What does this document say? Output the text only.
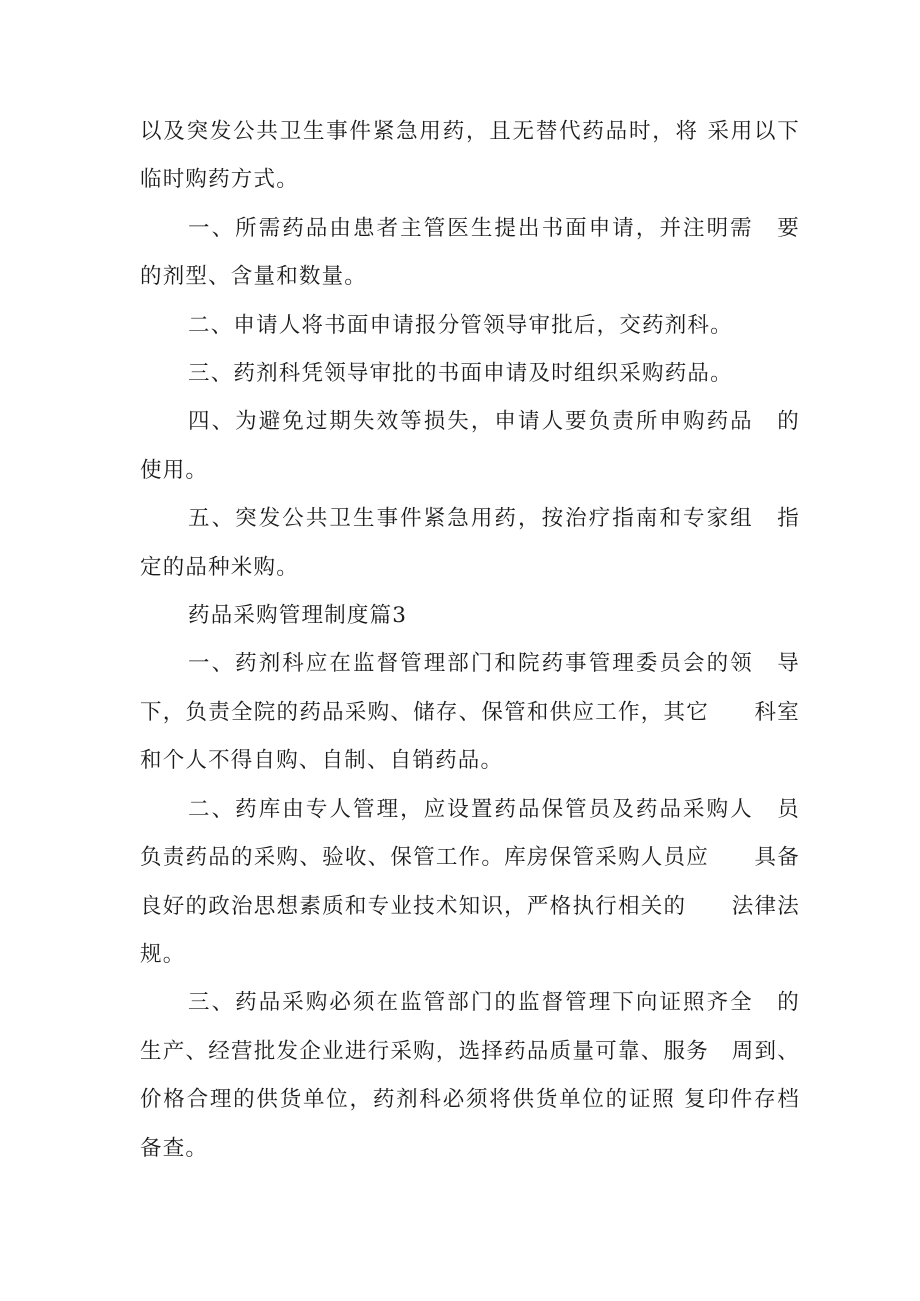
以及突发公共卫生事件紧急用药，且无替代药品时，将 采用以下临时购药方式。

一、所需药品由患者主管医生提出书面申请，并注明需　要的剂型、含量和数量。

二、申请人将书面申请报分管领导审批后，交药剂科。

三、药剂科凭领导审批的书面申请及时组织采购药品。

四、为避免过期失效等损失，申请人要负责所申购药品　的使用。

五、突发公共卫生事件紧急用药，按治疗指南和专家组　指定的品种米购。

药品采购管理制度篇3

一、药剂科应在监督管理部门和院药事管理委员会的领　导下，负责全院的药品采购、储存、保管和供应工作，其它　　科室和个人不得自购、自制、自销药品。

二、药库由专人管理，应设置药品保管员及药品采购人　员负责药品的采购、验收、保管工作。库房保管采购人员应　　具备良好的政治思想素质和专业技术知识，严格执行相关的　　法律法规。

三、药品采购必须在监管部门的监督管理下向证照齐全　的生产、经营批发企业进行采购，选择药品质量可靠、服务　周到、价格合理的供货单位，药剂科必须将供货单位的证照 复印件存档备查。
